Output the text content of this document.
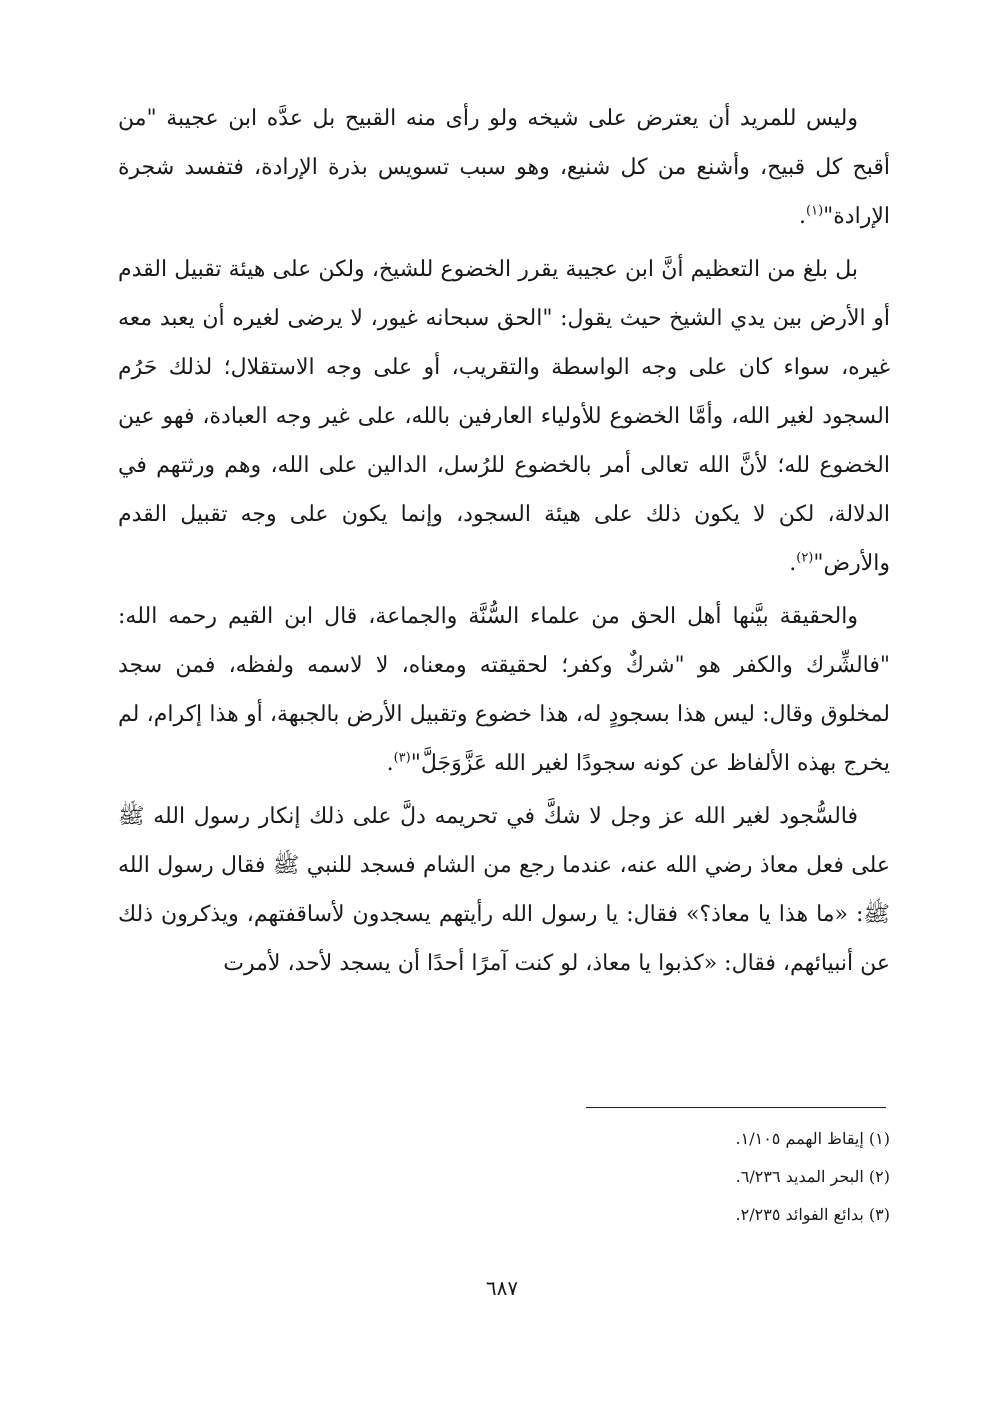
وليس للمريد أن يعترض على شيخه ولو رأى منه القبيح بل عدَّه ابن عجيبة "من أقبح كل قبيح، وأشنع من كل شنيع، وهو سبب تسويس بذرة الإرادة، فتفسد شجرة الإرادة"$^{(١)}$.

بل بلغ من التعظيم أنَّ ابن عجيبة يقرر الخضوع للشيخ، ولكن على هيئة تقبيل القدم أو الأرض بين يدي الشيخ حيث يقول: "الحق سبحانه غيور، لا يرضى لغيره أن يعبد معه غيره، سواء كان على وجه الواسطة والتقريب، أو على وجه الاستقلال؛ لذلك حَرُم السجود لغير الله، وأمَّا الخضوع للأولياء العارفين بالله، على غير وجه العبادة، فهو عين الخضوع لله؛ لأنَّ الله تعالى أمر بالخضوع للرُسل، الدالين على الله، وهم ورثتهم في الدلالة، لكن لا يكون ذلك على هيئة السجود، وإنما يكون على وجه تقبيل القدم والأرض"$^{(٢)}$.

والحقيقة بيَّنها أهل الحق من علماء السُّنَّة والجماعة، قال ابن القيم رحمه الله: "فالشِّرك والكفر هو "شركٌ وكفر؛ لحقيقته ومعناه، لا لاسمه ولفظه، فمن سجد لمخلوق وقال: ليس هذا بسجودٍ له، هذا خضوع وتقبيل الأرض بالجبهة، أو هذا إكرام، لم يخرج بهذه الألفاظ عن كونه سجودًا لغير الله عَزَّوَجَلَّ"$^{(٣)}$.

فالسُّجود لغير الله عز وجل لا شكَّ في تحريمه دلَّ على ذلك إنكار رسول الله ﷺ على فعل معاذ رضي الله عنه، عندما رجع من الشام فسجد للنبي ﷺ فقال رسول الله ﷺ: «ما هذا يا معاذ؟» فقال: يا رسول الله رأيتهم يسجدون لأساقفتهم، ويذكرون ذلك عن أنبيائهم، فقال: «كذبوا يا معاذ، لو كنت آمرًا أحدًا أن يسجد لأحد، لأمرت

(١) إيقاظ الهمم ١/١٠٥.

(٢) البحر المديد ٦/٢٣٦.

(٣) بدائع الفوائد ٢/٢٣٥.

٦٨٧
